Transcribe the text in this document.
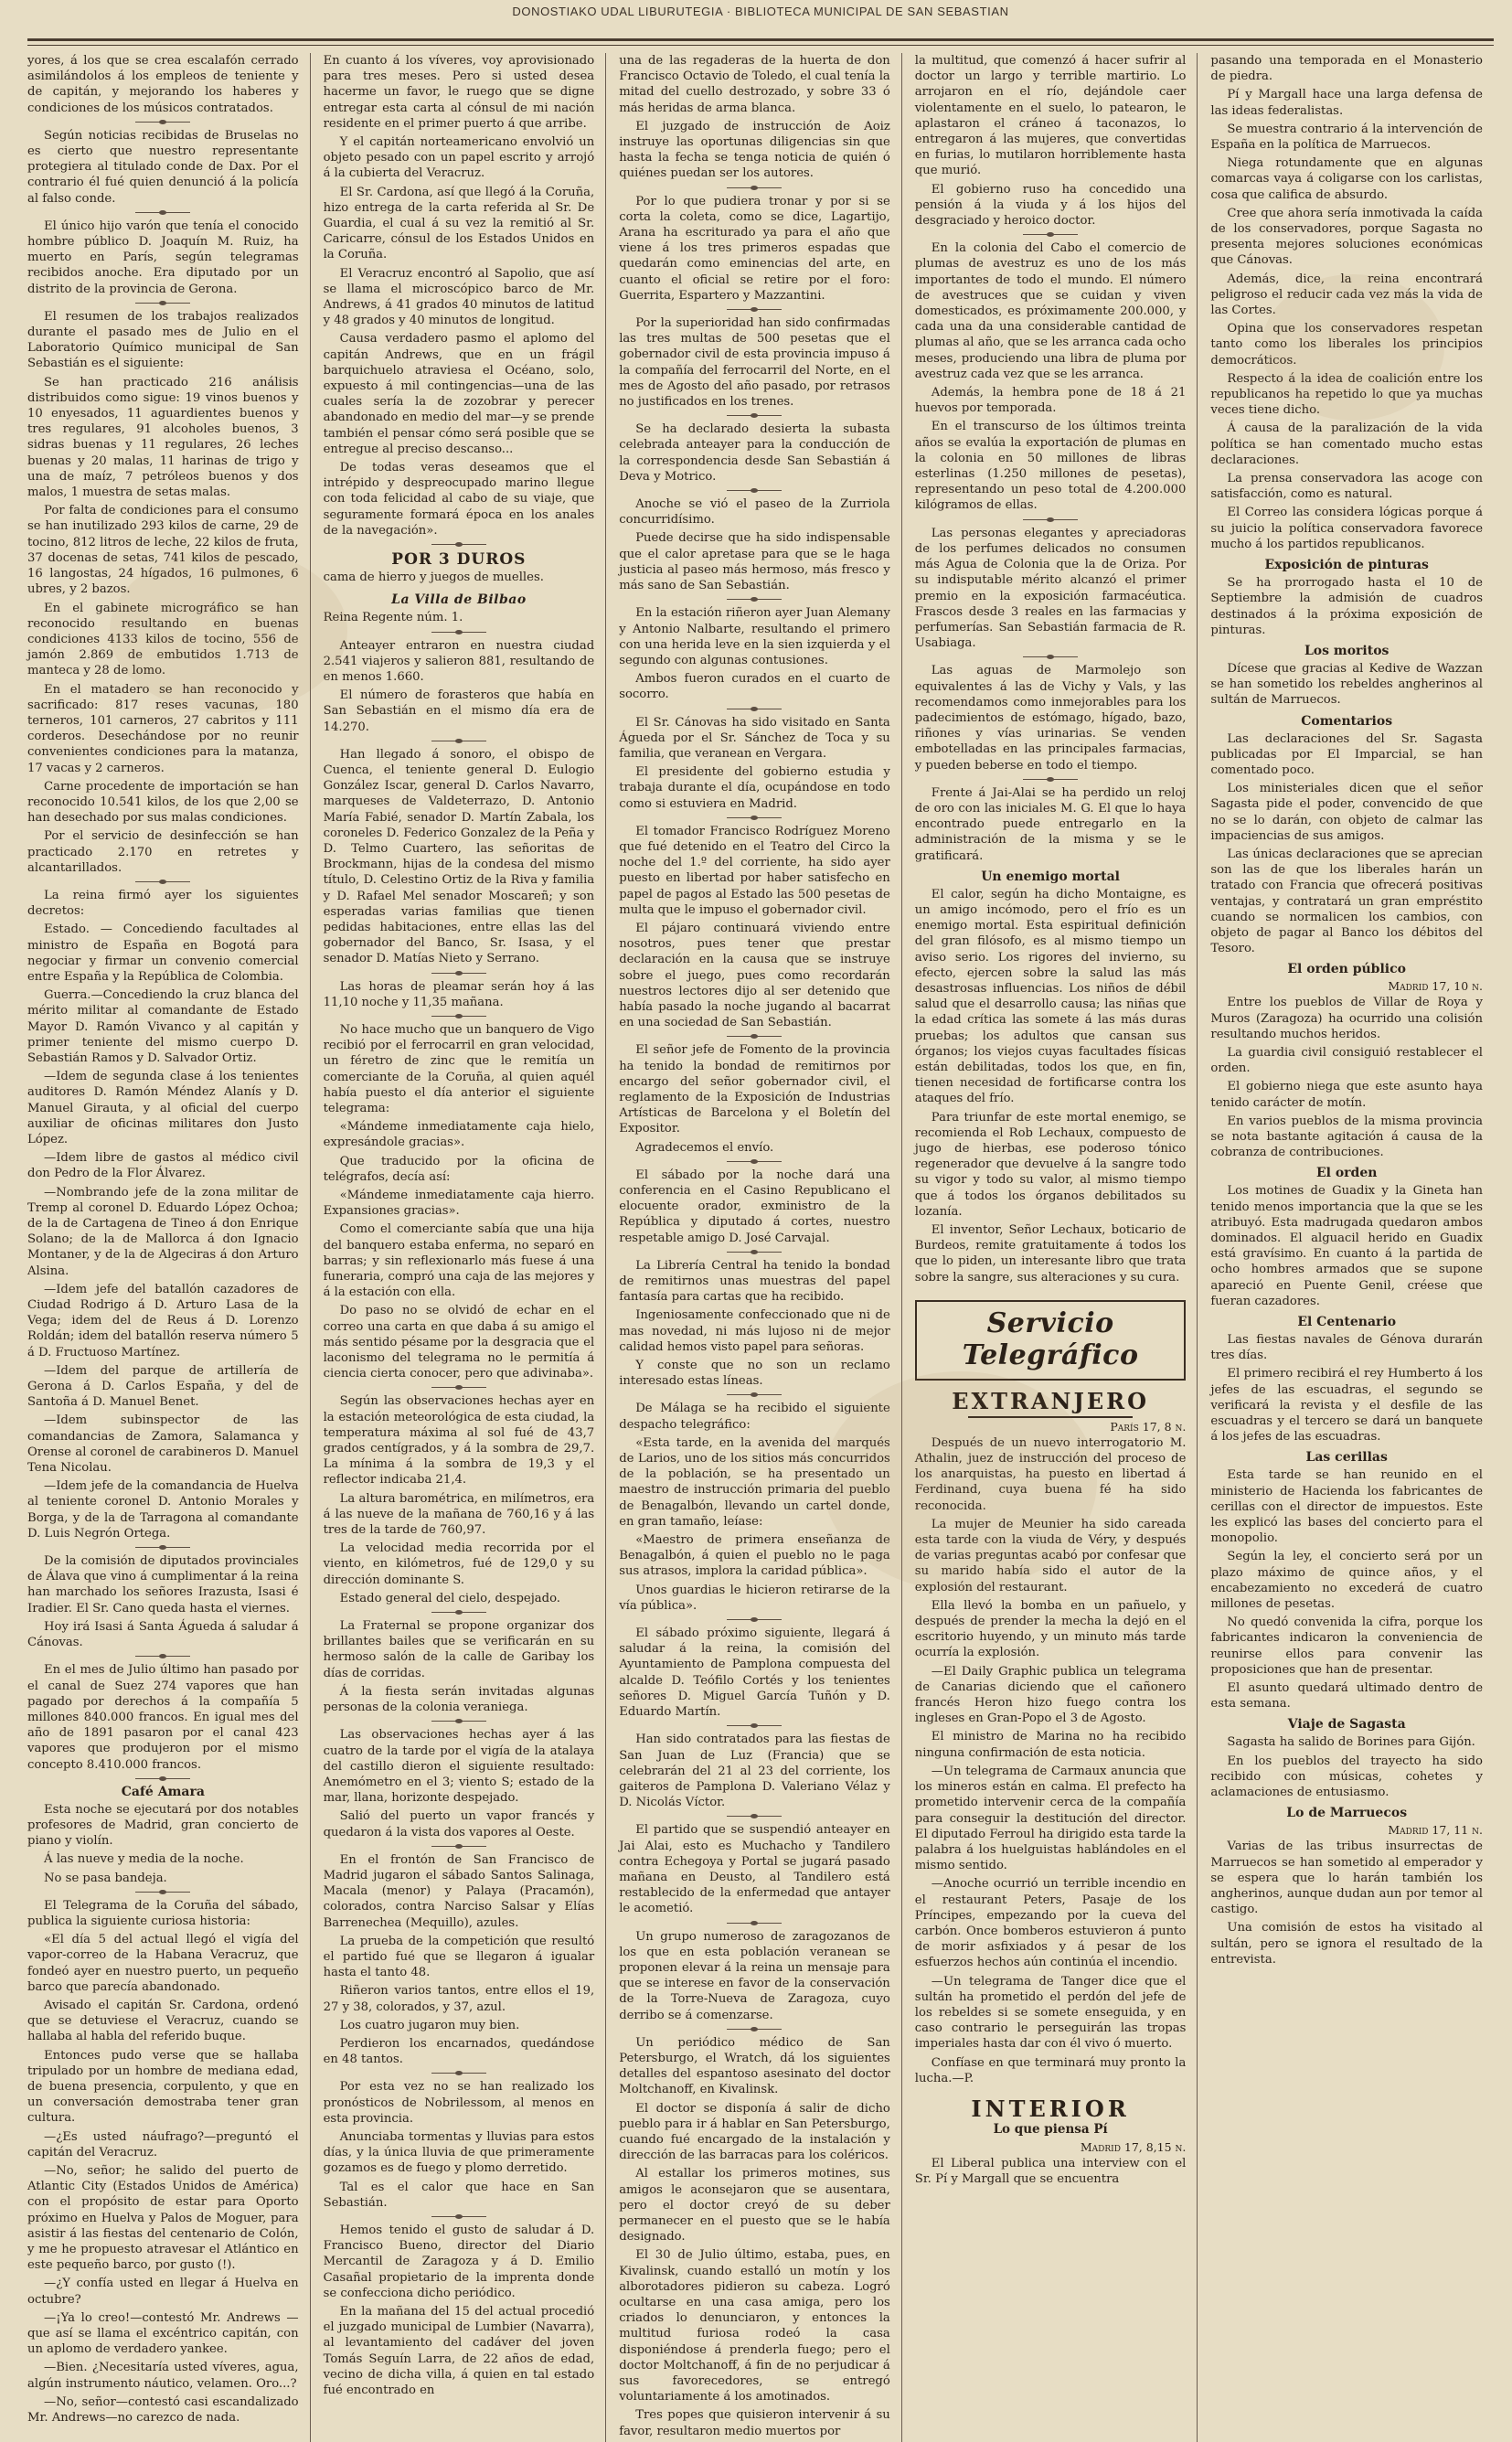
DONOSTIAKO UDAL LIBURUTEGIA · BIBLIOTECA MUNICIPAL DE SAN SEBASTIAN

yores, á los que se crea escalafón cerrado asimilándolos á los empleos de teniente y de capitán, y mejorando los haberes y condiciones de los músicos contratados.

Según noticias recibidas de Bruselas no es cierto que nuestro representante protegiera al titulado conde de Dax. Por el contrario él fué quien denunció á la policía al falso conde.

El único hijo varón que tenía el conocido hombre público D. Joaquín M. Ruiz, ha muerto en París, según telegramas recibidos anoche. Era diputado por un distrito de la provincia de Gerona.

El resumen de los trabajos realizados durante el pasado mes de Julio en el Laboratorio Químico municipal de San Sebastián es el siguiente:

Se han practicado 216 análisis distribuidos como sigue: 19 vinos buenos y 10 enyesados, 11 aguardientes buenos y tres regulares, 91 alcoholes buenos, 3 sidras buenas y 11 regulares, 26 leches buenas y 20 malas, 11 harinas de trigo y una de maíz, 7 petróleos buenos y dos malos, 1 muestra de setas malas.

Por falta de condiciones para el consumo se han inutilizado 293 kilos de carne, 29 de tocino, 812 litros de leche, 22 kilos de fruta, 37 docenas de setas, 741 kilos de pescado, 16 langostas, 24 hígados, 16 pulmones, 6 ubres, y 2 bazos.

En el gabinete micrográfico se han reconocido resultando en buenas condiciones 4133 kilos de tocino, 556 de jamón 2.869 de embutidos 1.713 de manteca y 28 de lomo.

En el matadero se han reconocido y sacrificado: 817 reses vacunas, 180 terneros, 101 carneros, 27 cabritos y 111 corderos. Desechándose por no reunir convenientes condiciones para la matanza, 17 vacas y 2 carneros.

Carne procedente de importación se han reconocido 10.541 kilos, de los que 2,00 se han desechado por sus malas condiciones.

Por el servicio de desinfección se han practicado 2.170 en retretes y alcantarillados.

La reina firmó ayer los siguientes decretos:

Estado. — Concediendo facultades al ministro de España en Bogotá para negociar y firmar un convenio comercial entre España y la República de Colombia.

Guerra.—Concediendo la cruz blanca del mérito militar al comandante de Estado Mayor D. Ramón Vivanco y al capitán y primer teniente del mismo cuerpo D. Sebastián Ramos y D. Salvador Ortiz.

—Idem de segunda clase á los tenientes auditores D. Ramón Méndez Alanís y D. Manuel Girauta, y al oficial del cuerpo auxiliar de oficinas militares don Justo López.

—Idem libre de gastos al médico civil don Pedro de la Flor Álvarez.

—Nombrando jefe de la zona militar de Tremp al coronel D. Eduardo López Ochoa; de la de Cartagena de Tineo á don Enrique Solano; de la de Mallorca á don Ignacio Montaner, y de la de Algeciras á don Arturo Alsina.

—Idem jefe del batallón cazadores de Ciudad Rodrigo á D. Arturo Lasa de la Vega; idem del de Reus á D. Lorenzo Roldán; idem del batallón reserva número 5 á D. Fructuoso Martínez.

—Idem del parque de artillería de Gerona á D. Carlos España, y del de Santoña á D. Manuel Benet.

—Idem subinspector de las comandancias de Zamora, Salamanca y Orense al coronel de carabineros D. Manuel Tena Nicolau.

—Idem jefe de la comandancia de Huelva al teniente coronel D. Antonio Morales y Borga, y de la de Tarragona al comandante D. Luis Negrón Ortega.

De la comisión de diputados provinciales de Álava que vino á cumplimentar á la reina han marchado los señores Irazusta, Isasi é Iradier. El Sr. Cano queda hasta el viernes.

Hoy irá Isasi á Santa Águeda á saludar á Cánovas.

En el mes de Julio último han pasado por el canal de Suez 274 vapores que han pagado por derechos á la compañía 5 millones 840.000 francos. En igual mes del año de 1891 pasaron por el canal 423 vapores que produjeron por el mismo concepto 8.410.000 francos.

Café Amara

Esta noche se ejecutará por dos notables profesores de Madrid, gran concierto de piano y violín.

Á las nueve y media de la noche.

No se pasa bandeja.

El Telegrama de la Coruña del sábado, publica la siguiente curiosa historia:

«El día 5 del actual llegó el vigía del vapor-correo de la Habana Veracruz, que fondeó ayer en nuestro puerto, un pequeño barco que parecía abandonado.

Avisado el capitán Sr. Cardona, ordenó que se detuviese el Veracruz, cuando se hallaba al habla del referido buque.

Entonces pudo verse que se hallaba tripulado por un hombre de mediana edad, de buena presencia, corpulento, y que en un conversación demostraba tener gran cultura.

—¿Es usted náufrago?—preguntó el capitán del Veracruz.

—No, señor; he salido del puerto de Atlantic City (Estados Unidos de América) con el propósito de estar para Oporto próximo en Huelva y Palos de Moguer, para asistir á las fiestas del centenario de Colón, y me he propuesto atravesar el Atlántico en este pequeño barco, por gusto (!).

—¿Y confía usted en llegar á Huelva en octubre?

—¡Ya lo creo!—contestó Mr. Andrews —que así se llama el excéntrico capitán, con un aplomo de verdadero yankee.

—Bien. ¿Necesitaría usted víveres, agua, algún instrumento náutico, velamen. Oro...?

—No, señor—contestó casi escandalizado Mr. Andrews—no carezco de nada.

En cuanto á los víveres, voy aprovisionado para tres meses. Pero si usted desea hacerme un favor, le ruego que se digne entregar esta carta al cónsul de mi nación residente en el primer puerto á que arribe.

Y el capitán norteamericano envolvió un objeto pesado con un papel escrito y arrojó á la cubierta del Veracruz.

El Sr. Cardona, así que llegó á la Coruña, hizo entrega de la carta referida al Sr. De Guardia, el cual á su vez la remitió al Sr. Caricarre, cónsul de los Estados Unidos en la Coruña.

El Veracruz encontró al Sapolio, que así se llama el microscópico barco de Mr. Andrews, á 41 grados 40 minutos de latitud y 48 grados y 40 minutos de longitud.

Causa verdadero pasmo el aplomo del capitán Andrews, que en un frágil barquichuelo atraviesa el Océano, solo, expuesto á mil contingencias—una de las cuales sería la de zozobrar y perecer abandonado en medio del mar—y se prende también el pensar cómo será posible que se entregue al preciso descanso...

De todas veras deseamos que el intrépido y despreocupado marino llegue con toda felicidad al cabo de su viaje, que seguramente formará época en los anales de la navegación».

POR 3 DUROS

cama de hierro y juegos de muelles.

La Villa de Bilbao

Reina Regente núm. 1.

Anteayer entraron en nuestra ciudad 2.541 viajeros y salieron 881, resultando de en menos 1.660.

El número de forasteros que había en San Sebastián en el mismo día era de 14.270.

Han llegado á sonoro, el obispo de Cuenca, el teniente general D. Eulogio González Iscar, general D. Carlos Navarro, marqueses de Valdeterrazo, D. Antonio María Fabié, senador D. Martín Zabala, los coroneles D. Federico Gonzalez de la Peña y D. Telmo Cuartero, las señoritas de Brockmann, hijas de la condesa del mismo título, D. Celestino Ortiz de la Riva y familia y D. Rafael Mel senador Moscareñ; y son esperadas varias familias que tienen pedidas habitaciones, entre ellas las del gobernador del Banco, Sr. Isasa, y el senador D. Matías Nieto y Serrano.

Las horas de pleamar serán hoy á las 11,10 noche y 11,35 mañana.

No hace mucho que un banquero de Vigo recibió por el ferrocarril en gran velocidad, un féretro de zinc que le remitía un comerciante de la Coruña, al quien aquél había puesto el día anterior el siguiente telegrama:

«Mándeme inmediatamente caja hielo, expresándole gracias».

Que traducido por la oficina de telégrafos, decía así:

«Mándeme inmediatamente caja hierro. Expansiones gracias».

Como el comerciante sabía que una hija del banquero estaba enferma, no separó en barras; y sin reflexionarlo más fuese á una funeraria, compró una caja de las mejores y á la estación con ella.

Do paso no se olvidó de echar en el correo una carta en que daba á su amigo el más sentido pésame por la desgracia que el laconismo del telegrama no le permitía á ciencia cierta conocer, pero que adivinaba».

Según las observaciones hechas ayer en la estación meteorológica de esta ciudad, la temperatura máxima al sol fué de 43,7 grados centígrados, y á la sombra de 29,7. La mínima á la sombra de 19,3 y el reflector indicaba 21,4.

La altura barométrica, en milímetros, era á las nueve de la mañana de 760,16 y á las tres de la tarde de 760,97.

La velocidad media recorrida por el viento, en kilómetros, fué de 129,0 y su dirección dominante S.

Estado general del cielo, despejado.

La Fraternal se propone organizar dos brillantes bailes que se verificarán en su hermoso salón de la calle de Garibay los días de corridas.

Á la fiesta serán invitadas algunas personas de la colonia veraniega.

Las observaciones hechas ayer á las cuatro de la tarde por el vigía de la atalaya del castillo dieron el siguiente resultado: Anemómetro en el 3; viento S; estado de la mar, llana, horizonte despejado.

Salió del puerto un vapor francés y quedaron á la vista dos vapores al Oeste.

En el frontón de San Francisco de Madrid jugaron el sábado Santos Salinaga, Macala (menor) y Palaya (Pracamón), colorados, contra Narciso Salsar y Elías Barrenechea (Mequillo), azules.

La prueba de la competición que resultó el partido fué que se llegaron á igualar hasta el tanto 48.

Riñeron varios tantos, entre ellos el 19, 27 y 38, colorados, y 37, azul.

Los cuatro jugaron muy bien.

Perdieron los encarnados, quedándose en 48 tantos.

Por esta vez no se han realizado los pronósticos de Nobrilessom, al menos en esta provincia.

Anunciaba tormentas y lluvias para estos días, y la única lluvia de que primeramente gozamos es de fuego y plomo derretido.

Tal es el calor que hace en San Sebastián.

Hemos tenido el gusto de saludar á D. Francisco Bueno, director del Diario Mercantil de Zaragoza y á D. Emilio Casañal propietario de la imprenta donde se confecciona dicho periódico.

En la mañana del 15 del actual procedió el juzgado municipal de Lumbier (Navarra), al levantamiento del cadáver del joven Tomás Seguín Larra, de 22 años de edad, vecino de dicha villa, á quien en tal estado fué encontrado en

una de las regaderas de la huerta de don Francisco Octavio de Toledo, el cual tenía la mitad del cuello destrozado, y sobre 33 ó más heridas de arma blanca.

El juzgado de instrucción de Aoiz instruye las oportunas diligencias sin que hasta la fecha se tenga noticia de quién ó quiénes puedan ser los autores.

Por lo que pudiera tronar y por si se corta la coleta, como se dice, Lagartijo, Arana ha escriturado ya para el año que viene á los tres primeros espadas que quedarán como eminencias del arte, en cuanto el oficial se retire por el foro: Guerrita, Espartero y Mazzantini.

Por la superioridad han sido confirmadas las tres multas de 500 pesetas que el gobernador civil de esta provincia impuso á la compañía del ferrocarril del Norte, en el mes de Agosto del año pasado, por retrasos no justificados en los trenes.

Se ha declarado desierta la subasta celebrada anteayer para la conducción de la correspondencia desde San Sebastián á Deva y Motrico.

Anoche se vió el paseo de la Zurriola concurridísimo.

Puede decirse que ha sido indispensable que el calor apretase para que se le haga justicia al paseo más hermoso, más fresco y más sano de San Sebastián.

En la estación riñeron ayer Juan Alemany y Antonio Nalbarte, resultando el primero con una herida leve en la sien izquierda y el segundo con algunas contusiones.

Ambos fueron curados en el cuarto de socorro.

El Sr. Cánovas ha sido visitado en Santa Águeda por el Sr. Sánchez de Toca y su familia, que veranean en Vergara.

El presidente del gobierno estudia y trabaja durante el día, ocupándose en todo como si estuviera en Madrid.

El tomador Francisco Rodríguez Moreno que fué detenido en el Teatro del Circo la noche del 1.º del corriente, ha sido ayer puesto en libertad por haber satisfecho en papel de pagos al Estado las 500 pesetas de multa que le impuso el gobernador civil.

El pájaro continuará viviendo entre nosotros, pues tener que prestar declaración en la causa que se instruye sobre el juego, pues como recordarán nuestros lectores dijo al ser detenido que había pasado la noche jugando al bacarrat en una sociedad de San Sebastián.

El señor jefe de Fomento de la provincia ha tenido la bondad de remitirnos por encargo del señor gobernador civil, el reglamento de la Exposición de Industrias Artísticas de Barcelona y el Boletín del Expositor.

Agradecemos el envío.

El sábado por la noche dará una conferencia en el Casino Republicano el elocuente orador, exministro de la República y diputado á cortes, nuestro respetable amigo D. José Carvajal.

La Librería Central ha tenido la bondad de remitirnos unas muestras del papel fantasía para cartas que ha recibido.

Ingeniosamente confeccionado que ni de mas novedad, ni más lujoso ni de mejor calidad hemos visto papel para señoras.

Y conste que no son un reclamo interesado estas líneas.

De Málaga se ha recibido el siguiente despacho telegráfico:

«Esta tarde, en la avenida del marqués de Larios, uno de los sitios más concurridos de la población, se ha presentado un maestro de instrucción primaria del pueblo de Benagalbón, llevando un cartel donde, en gran tamaño, leíase:

«Maestro de primera enseñanza de Benagalbón, á quien el pueblo no le paga sus atrasos, implora la caridad pública».

Unos guardias le hicieron retirarse de la vía pública».

El sábado próximo siguiente, llegará á saludar á la reina, la comisión del Ayuntamiento de Pamplona compuesta del alcalde D. Teófilo Cortés y los tenientes señores D. Miguel García Tuñón y D. Eduardo Martín.

Han sido contratados para las fiestas de San Juan de Luz (Francia) que se celebrarán del 21 al 23 del corriente, los gaiteros de Pamplona D. Valeriano Vélaz y D. Nicolás Víctor.

El partido que se suspendió anteayer en Jai Alai, esto es Muchacho y Tandilero contra Echegoya y Portal se jugará pasado mañana en Deusto, al Tandilero está restablecido de la enfermedad que antayer le acometió.

Un grupo numeroso de zaragozanos de los que en esta población veranean se proponen elevar á la reina un mensaje para que se interese en favor de la conservación de la Torre-Nueva de Zaragoza, cuyo derribo se á comenzarse.

Un periódico médico de San Petersburgo, el Wratch, dá los siguientes detalles del espantoso asesinato del doctor Moltchanoff, en Kivalinsk.

El doctor se disponía á salir de dicho pueblo para ir á hablar en San Petersburgo, cuando fué encargado de la instalación y dirección de las barracas para los coléricos.

Al estallar los primeros motines, sus amigos le aconsejaron que se ausentara, pero el doctor creyó de su deber permanecer en el puesto que se le había designado.

El 30 de Julio último, estaba, pues, en Kivalinsk, cuando estalló un motín y los alborotadores pidieron su cabeza. Logró ocultarse en una casa amiga, pero los criados lo denunciaron, y entonces la multitud furiosa rodeó la casa disponiéndose á prenderla fuego; pero el doctor Moltchanoff, á fin de no perjudicar á sus favorecedores, se entregó voluntariamente á los amotinados.

Tres popes que quisieron intervenir á su favor, resultaron medio muertos por

la multitud, que comenzó á hacer sufrir al doctor un largo y terrible martirio. Lo arrojaron en el río, dejándole caer violentamente en el suelo, lo patearon, le aplastaron el cráneo á taconazos, lo entregaron á las mujeres, que convertidas en furias, lo mutilaron horriblemente hasta que murió.

El gobierno ruso ha concedido una pensión á la viuda y á los hijos del desgraciado y heroico doctor.

En la colonia del Cabo el comercio de plumas de avestruz es uno de los más importantes de todo el mundo. El número de avestruces que se cuidan y viven domesticados, es próximamente 200.000, y cada una da una considerable cantidad de plumas al año, que se les arranca cada ocho meses, produciendo una libra de pluma por avestruz cada vez que se les arranca.

Además, la hembra pone de 18 á 21 huevos por temporada.

En el transcurso de los últimos treinta años se evalúa la exportación de plumas en la colonia en 50 millones de libras esterlinas (1.250 millones de pesetas), representando un peso total de 4.200.000 kilógramos de ellas.

Las personas elegantes y apreciadoras de los perfumes delicados no consumen más Agua de Colonia que la de Oriza. Por su indisputable mérito alcanzó el primer premio en la exposición farmacéutica. Frascos desde 3 reales en las farmacias y perfumerías. San Sebastián farmacia de R. Usabiaga.

Las aguas de Marmolejo son equivalentes á las de Vichy y Vals, y las recomendamos como inmejorables para los padecimientos de estómago, hígado, bazo, riñones y vías urinarias. Se venden embotelladas en las principales farmacias, y pueden beberse en todo el tiempo.

Frente á Jai-Alai se ha perdido un reloj de oro con las iniciales M. G. El que lo haya encontrado puede entregarlo en la administración de la misma y se le gratificará.

Un enemigo mortal

El calor, según ha dicho Montaigne, es un amigo incómodo, pero el frío es un enemigo mortal. Esta espiritual definición del gran filósofo, es al mismo tiempo un aviso serio. Los rigores del invierno, su efecto, ejercen sobre la salud las más desastrosas influencias. Los niños de débil salud que el desarrollo causa; las niñas que la edad crítica las somete á las más duras pruebas; los adultos que cansan sus órganos; los viejos cuyas facultades físicas están debilitadas, todos los que, en fin, tienen necesidad de fortificarse contra los ataques del frío.

Para triunfar de este mortal enemigo, se recomienda el Rob Lechaux, compuesto de jugo de hierbas, ese poderoso tónico regenerador que devuelve á la sangre todo su vigor y todo su valor, al mismo tiempo que á todos los órganos debilitados su lozanía.

El inventor, Señor Lechaux, boticario de Burdeos, remite gratuitamente á todos los que lo piden, un interesante libro que trata sobre la sangre, sus alteraciones y su cura.

Servicio Telegráfico
EXTRANJERO
París 17, 8 n.

Después de un nuevo interrogatorio M. Athalin, juez de instrucción del proceso de los anarquistas, ha puesto en libertad á Ferdinand, cuya buena fé ha sido reconocida.

La mujer de Meunier ha sido careada esta tarde con la viuda de Véry, y después de varias preguntas acabó por confesar que su marido había sido el autor de la explosión del restaurant.

Ella llevó la bomba en un pañuelo, y después de prender la mecha la dejó en el escritorio huyendo, y un minuto más tarde ocurría la explosión.

—El Daily Graphic publica un telegrama de Canarias diciendo que el cañonero francés Heron hizo fuego contra los ingleses en Gran-Popo el 3 de Agosto.

El ministro de Marina no ha recibido ninguna confirmación de esta noticia.

—Un telegrama de Carmaux anuncia que los mineros están en calma. El prefecto ha prometido intervenir cerca de la compañía para conseguir la destitución del director. El diputado Ferroul ha dirigido esta tarde la palabra á los huelguistas hablándoles en el mismo sentido.

—Anoche ocurrió un terrible incendio en el restaurant Peters, Pasaje de los Príncipes, empezando por la cueva del carbón. Once bomberos estuvieron á punto de morir asfixiados y á pesar de los esfuerzos hechos aún continúa el incendio.

—Un telegrama de Tanger dice que el sultán ha prometido el perdón del jefe de los rebeldes si se somete enseguida, y en caso contrario le perseguirán las tropas imperiales hasta dar con él vivo ó muerto.

Confíase en que terminará muy pronto la lucha.—P.

INTERIOR
Lo que piensa Pí
Madrid 17, 8,15 n.

El Liberal publica una interview con el Sr. Pí y Margall que se encuentra

pasando una temporada en el Monasterio de piedra.

Pí y Margall hace una larga defensa de las ideas federalistas.

Se muestra contrario á la intervención de España en la política de Marruecos.

Niega rotundamente que en algunas comarcas vaya á coligarse con los carlistas, cosa que califica de absurdo.

Cree que ahora sería inmotivada la caída de los conservadores, porque Sagasta no presenta mejores soluciones económicas que Cánovas.

Además, dice, la reina encontrará peligroso el reducir cada vez más la vida de las Cortes.

Opina que los conservadores respetan tanto como los liberales los principios democráticos.

Respecto á la idea de coalición entre los republicanos ha repetido lo que ya muchas veces tiene dicho.

Á causa de la paralización de la vida política se han comentado mucho estas declaraciones.

La prensa conservadora las acoge con satisfacción, como es natural.

El Correo las considera lógicas porque á su juicio la política conservadora favorece mucho á los partidos republicanos.

Exposición de pinturas

Se ha prorrogado hasta el 10 de Septiembre la admisión de cuadros destinados á la próxima exposición de pinturas.

Los moritos

Dícese que gracias al Kedive de Wazzan se han sometido los rebeldes angherinos al sultán de Marruecos.

Comentarios

Las declaraciones del Sr. Sagasta publicadas por El Imparcial, se han comentado poco.

Los ministeriales dicen que el señor Sagasta pide el poder, convencido de que no se lo darán, con objeto de calmar las impaciencias de sus amigos.

Las únicas declaraciones que se aprecian son las de que los liberales harán un tratado con Francia que ofrecerá positivas ventajas, y contratará un gran empréstito cuando se normalicen los cambios, con objeto de pagar al Banco los débitos del Tesoro.

El orden público
Madrid 17, 10 n.

Entre los pueblos de Villar de Roya y Muros (Zaragoza) ha ocurrido una colisión resultando muchos heridos.

La guardia civil consiguió restablecer el orden.

El gobierno niega que este asunto haya tenido carácter de motín.

En varios pueblos de la misma provincia se nota bastante agitación á causa de la cobranza de contribuciones.

El orden

Los motines de Guadix y la Gineta han tenido menos importancia que la que se les atribuyó. Esta madrugada quedaron ambos dominados. El alguacil herido en Guadix está gravísimo. En cuanto á la partida de ocho hombres armados que se supone apareció en Puente Genil, créese que fueran cazadores.

El Centenario

Las fiestas navales de Génova durarán tres días.

El primero recibirá el rey Humberto á los jefes de las escuadras, el segundo se verificará la revista y el desfile de las escuadras y el tercero se dará un banquete á los jefes de las escuadras.

Las cerillas

Esta tarde se han reunido en el ministerio de Hacienda los fabricantes de cerillas con el director de impuestos. Este les explicó las bases del concierto para el monopolio.

Según la ley, el concierto será por un plazo máximo de quince años, y el encabezamiento no excederá de cuatro millones de pesetas.

No quedó convenida la cifra, porque los fabricantes indicaron la conveniencia de reunirse ellos para convenir las proposiciones que han de presentar.

El asunto quedará ultimado dentro de esta semana.

Viaje de Sagasta

Sagasta ha salido de Borines para Gijón.

En los pueblos del trayecto ha sido recibido con músicas, cohetes y aclamaciones de entusiasmo.

Lo de Marruecos
Madrid 17, 11 n.

Varias de las tribus insurrectas de Marruecos se han sometido al emperador y se espera que lo harán también los angherinos, aunque dudan aun por temor al castigo.

Una comisión de estos ha visitado al sultán, pero se ignora el resultado de la entrevista.
